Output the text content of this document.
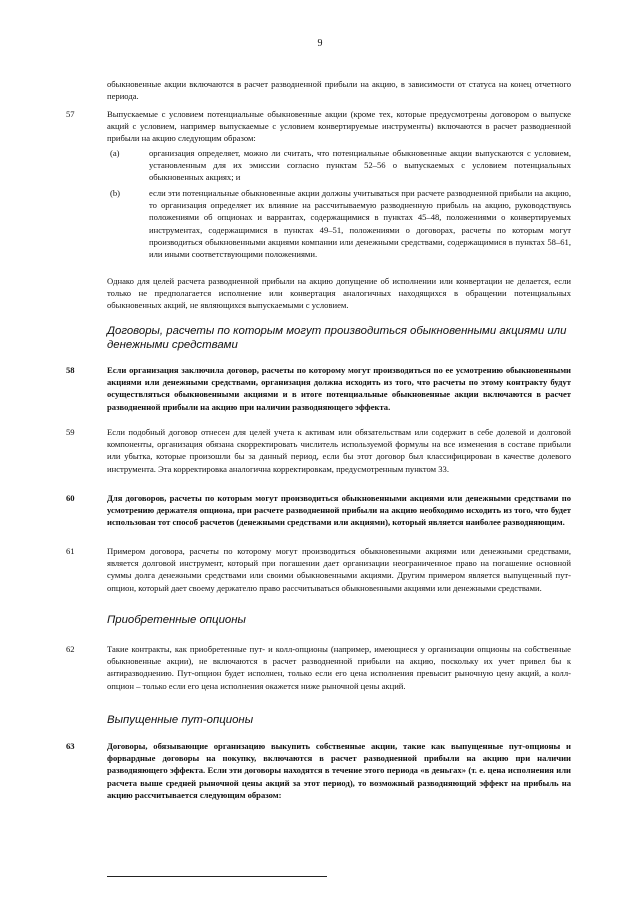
9
обыкновенные акции включаются в расчет разводненной прибыли на акцию, в зависимости от статуса на конец отчетного периода.
57	Выпускаемые с условием потенциальные обыкновенные акции (кроме тех, которые предусмотрены договором о выпуске акций с условием, например выпускаемые с условием конвертируемые инструменты) включаются в расчет разводненной прибыли на акцию следующим образом:
(a)	организация определяет, можно ли считать, что потенциальные обыкновенные акции выпускаются с условием, установленным для их эмиссии согласно пунктам 52–56 о выпускаемых с условием потенциальных обыкновенных акциях; и
(b)	если эти потенциальные обыкновенные акции должны учитываться при расчете разводненной прибыли на акцию, то организация определяет их влияние на рассчитываемую разводненную прибыль на акцию, руководствуясь положениями об опционах и варрантах, содержащимися в пунктах 45–48, положениями о конвертируемых инструментах, содержащимися в пунктах 49–51, положениями о договорах, расчеты по которым могут производиться обыкновенными акциями компании или денежными средствами, содержащимися в пунктах 58–61, или иными соответствующими положениями.
Однако для целей расчета разводненной прибыли на акцию допущение об исполнении или конвертации не делается, если только не предполагается исполнение или конвертация аналогичных находящихся в обращении потенциальных обыкновенных акций, не являющихся выпускаемыми с условием.
Договоры, расчеты по которым могут производиться обыкновенными акциями или денежными средствами
58	Если организация заключила договор, расчеты по которому могут производиться по ее усмотрению обыкновенными акциями или денежными средствами, организация должна исходить из того, что расчеты по этому контракту будут осуществляться обыкновенными акциями и в итоге потенциальные обыкновенные акции включаются в расчет разводненной прибыли на акцию при наличии разводняющего эффекта.
59	Если подобный договор отнесен для целей учета к активам или обязательствам или содержит в себе долевой и долговой компоненты, организация обязана скорректировать числитель используемой формулы на все изменения в составе прибыли или убытка, которые произошли бы за данный период, если бы этот договор был классифицирован в качестве долевого инструмента. Эта корректировка аналогична корректировкам, предусмотренным пунктом 33.
60	Для договоров, расчеты по которым могут производиться обыкновенными акциями или денежными средствами по усмотрению держателя опциона, при расчете разводненной прибыли на акцию необходимо исходить из того, что будет использован тот способ расчетов (денежными средствами или акциями), который является наиболее разводняющим.
61	Примером договора, расчеты по которому могут производиться обыкновенными акциями или денежными средствами, является долговой инструмент, который при погашении дает организации неограниченное право на погашение основной суммы долга денежными средствами или своими обыкновенными акциями. Другим примером является выпущенный пут-опцион, который дает своему держателю право рассчитываться обыкновенными акциями или денежными средствами.
Приобретенные опционы
62	Такие контракты, как приобретенные пут- и колл-опционы (например, имеющиеся у организации опционы на собственные обыкновенные акции), не включаются в расчет разводненной прибыли на акцию, поскольку их учет привел бы к антиразводнению. Пут-опцион будет исполнен, только если его цена исполнения превысит рыночную цену акций, а колл-опцион – только если его цена исполнения окажется ниже рыночной цены акций.
Выпущенные пут-опционы
63	Договоры, обязывающие организацию выкупить собственные акции, такие как выпущенные пут-опционы и форвардные договоры на покупку, включаются в расчет разводненной прибыли на акцию при наличии разводняющего эффекта. Если эти договоры находятся в течение этого периода «в деньгах» (т. е. цена исполнения или расчета выше средней рыночной цены акций за этот период), то возможный разводняющий эффект на прибыль на акцию рассчитывается следующим образом:
